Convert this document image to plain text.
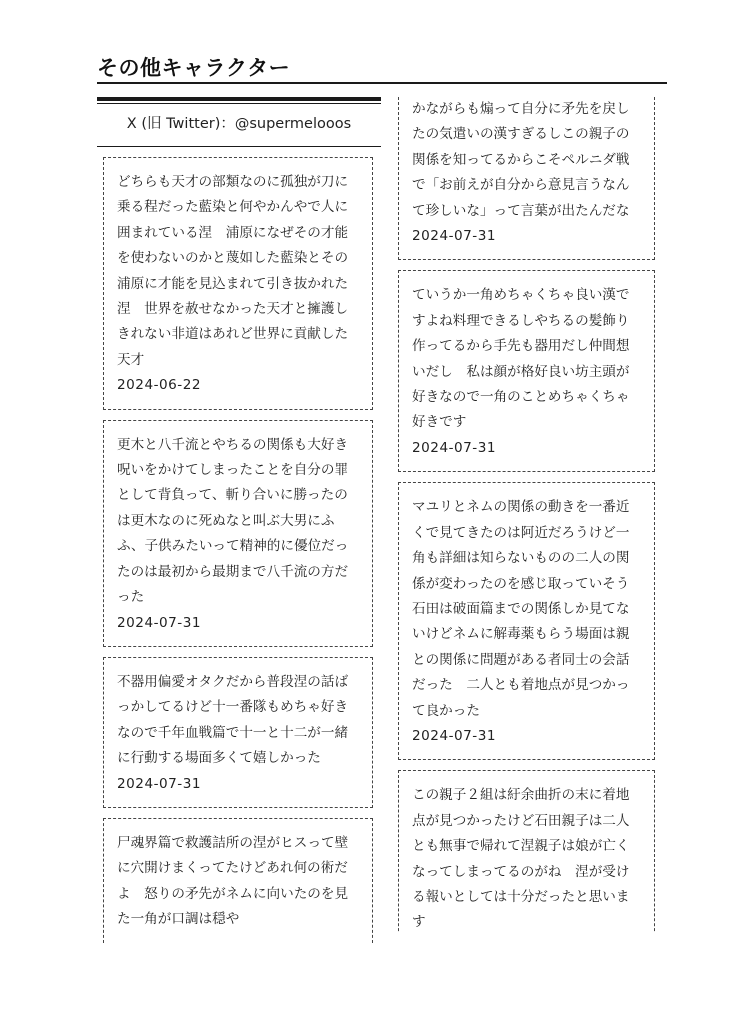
その他キャラクター
X (旧 Twitter)：@supermelooos
どちらも天才の部類なのに孤独が刀に乗る程だった藍染と何やかんやで人に囲まれている涅　浦原になぜその才能を使わないのかと蔑如した藍染とその浦原に才能を見込まれて引き抜かれた涅　世界を赦せなかった天才と擁護しきれない非道はあれど世界に貢献した天才
2024-06-22
更木と八千流とやちるの関係も大好き　呪いをかけてしまったことを自分の罪として背負って、斬り合いに勝ったのは更木なのに死ぬなと叫ぶ大男にふふ、子供みたいって精神的に優位だったのは最初から最期まで八千流の方だった
2024-07-31
不器用偏愛オタクだから普段涅の話ばっかしてるけど十一番隊もめちゃ好きなので千年血戦篇で十一と十二が一緒に行動する場面多くて嬉しかった
2024-07-31
尸魂界篇で救護詰所の涅がヒスって壁に穴開けまくってたけどあれ何の術だよ　怒りの矛先がネムに向いたのを見た一角が口調は穏や
かながらも煽って自分に矛先を戻したの気遣いの漢すぎるしこの親子の関係を知ってるからこそペルニダ戦で「お前えが自分から意見言うなんて珍しいな」って言葉が出たんだな
2024-07-31
ていうか一角めちゃくちゃ良い漢ですよね料理できるしやちるの髪飾り作ってるから手先も器用だし仲間想いだし　私は顔が格好良い坊主頭が好きなので一角のことめちゃくちゃ好きです
2024-07-31
マユリとネムの関係の動きを一番近くで見てきたのは阿近だろうけど一角も詳細は知らないものの二人の関係が変わったのを感じ取っていそう　石田は破面篇までの関係しか見てないけどネムに解毒薬もらう場面は親との関係に問題がある者同士の会話だった　二人とも着地点が見つかって良かった
2024-07-31
この親子２組は紆余曲折の末に着地点が見つかったけど石田親子は二人とも無事で帰れて涅親子は娘が亡くなってしまってるのがね　涅が受ける報いとしては十分だったと思います
